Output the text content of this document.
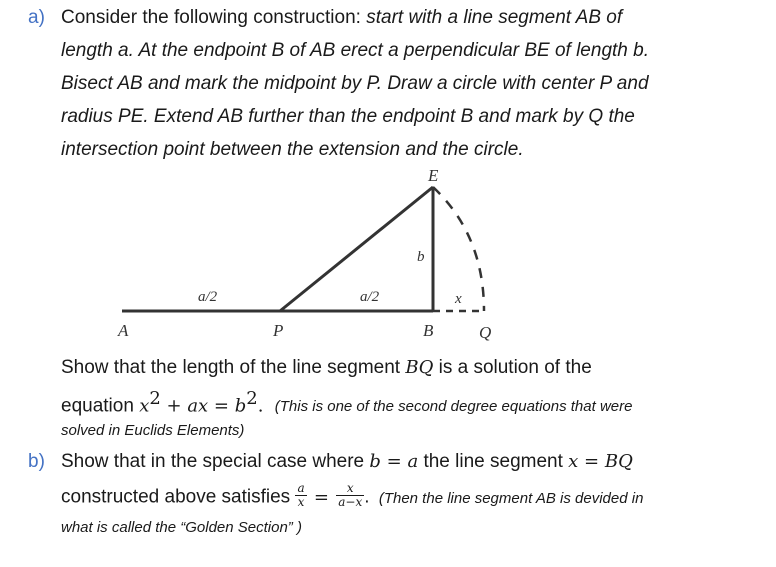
a) Consider the following construction: start with a line segment AB of
length a. At the endpoint B of AB erect a perpendicular BE of length b.
Bisect AB and mark the midpoint by P. Draw a circle with center P and
radius PE. Extend AB further than the endpoint B and mark by Q the
intersection point between the extension and the circle.
E
b
a/2	a/2	x
A	P	B	Q
Show that the length of the line segment BQ is a solution of the
equation $x^2$ + ax = $b^2$. (This is one of the second degree equations that were
solved in Euclids Elements)
b) Show that in the special case where b = a the line segment x = BQ
constructed above satisfies $\frac{a}{x} = \frac{x}{a-x}$ . (Then the line segment AB is devided in
what is called the “Golden Section” )
